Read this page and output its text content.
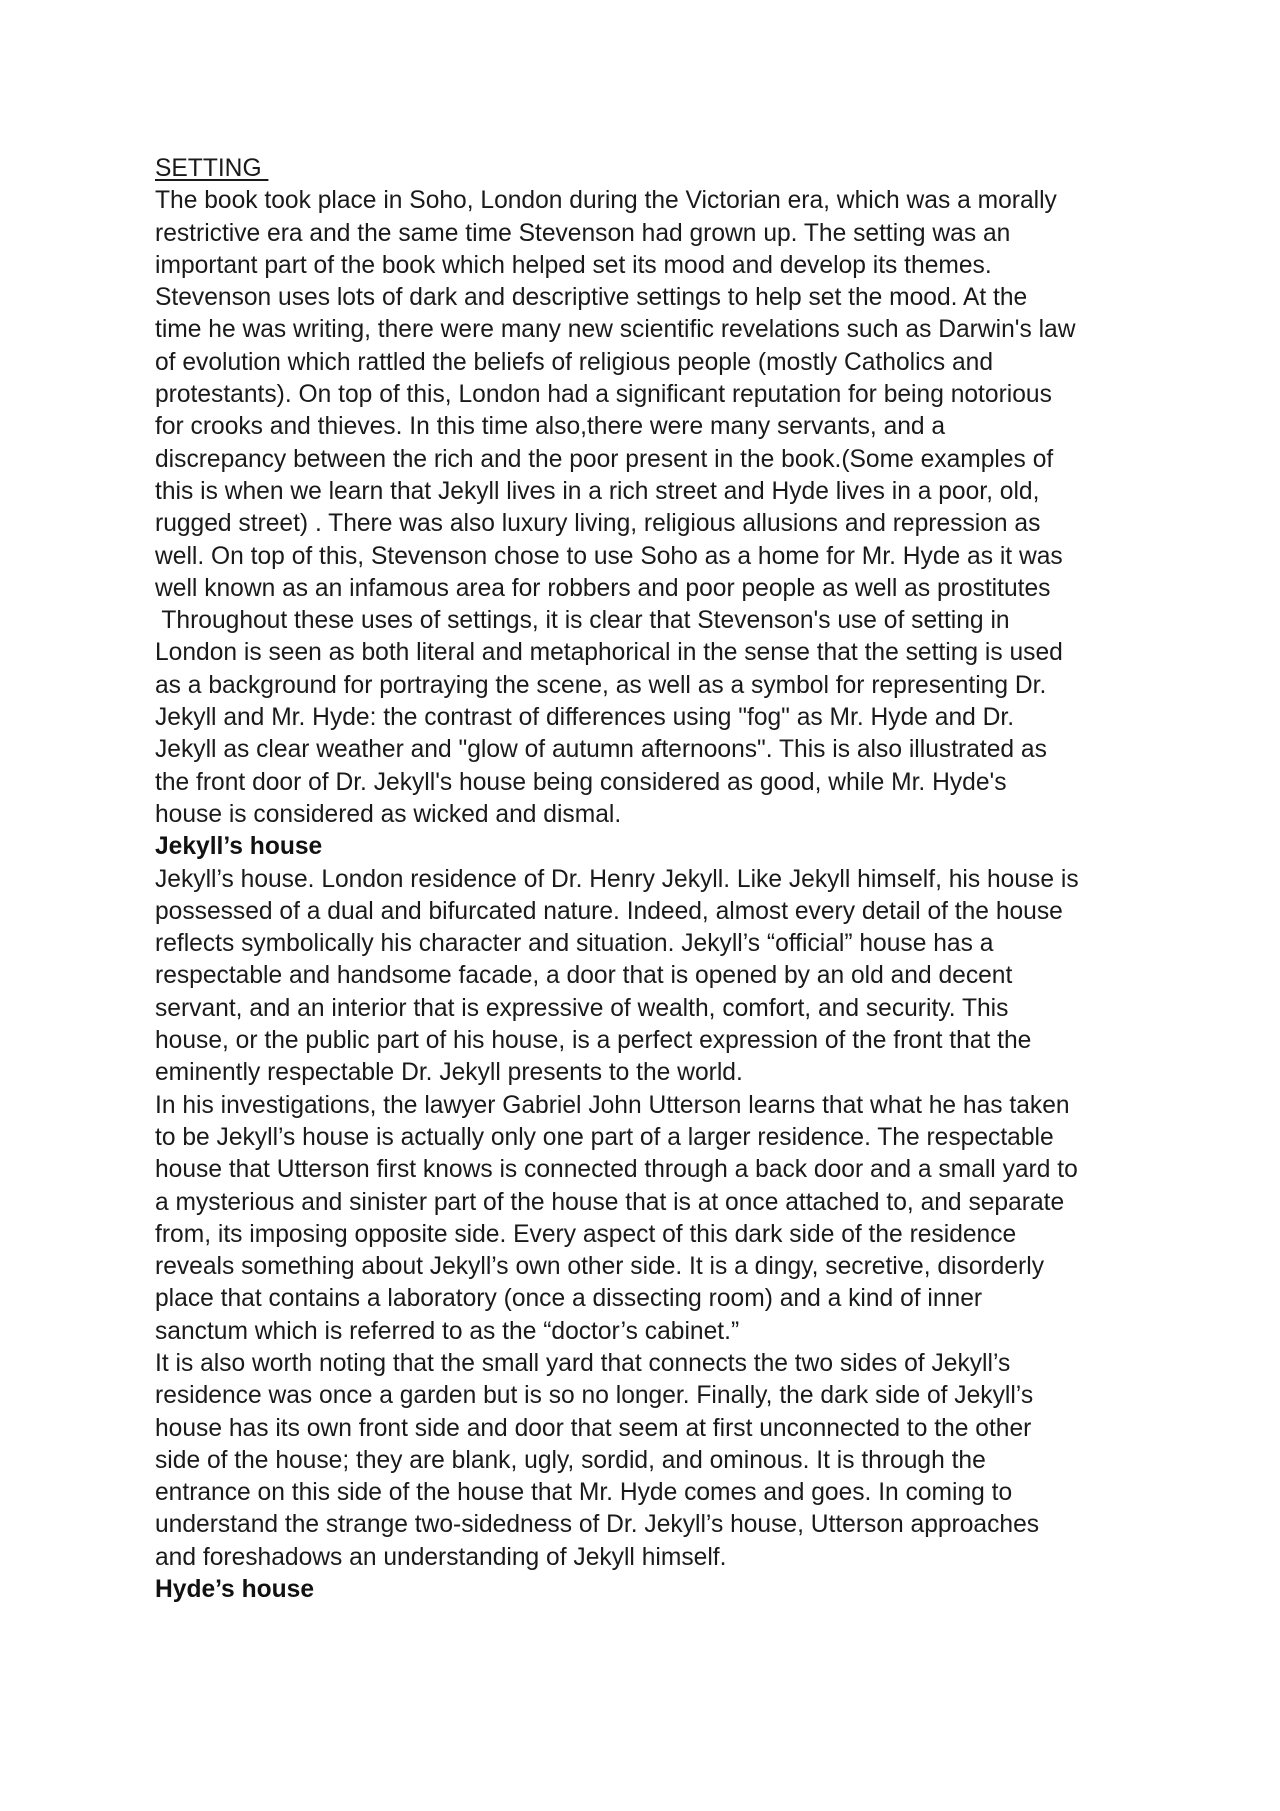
SETTING
The book took place in Soho, London during the Victorian era, which was a morally
restrictive era and the same time Stevenson had grown up. The setting was an
important part of the book which helped set its mood and develop its themes.
Stevenson uses lots of dark and descriptive settings to help set the mood. At the
time he was writing, there were many new scientific revelations such as Darwin's law
of evolution which rattled the beliefs of religious people (mostly Catholics and
protestants). On top of this, London had a significant reputation for being notorious
for crooks and thieves. In this time also,there were many servants, and a
discrepancy between the rich and the poor present in the book.(Some examples of
this is when we learn that Jekyll lives in a rich street and Hyde lives in a poor, old,
rugged street) . There was also luxury living, religious allusions and repression as
well. On top of this, Stevenson chose to use Soho as a home for Mr. Hyde as it was
well known as an infamous area for robbers and poor people as well as prostitutes
Throughout these uses of settings, it is clear that Stevenson's use of setting in
London is seen as both literal and metaphorical in the sense that the setting is used
as a background for portraying the scene, as well as a symbol for representing Dr.
Jekyll and Mr. Hyde: the contrast of differences using "fog" as Mr. Hyde and Dr.
Jekyll as clear weather and "glow of autumn afternoons". This is also illustrated as
the front door of Dr. Jekyll's house being considered as good, while Mr. Hyde's
house is considered as wicked and dismal.
Jekyll’s house
Jekyll’s house. London residence of Dr. Henry Jekyll. Like Jekyll himself, his house is
possessed of a dual and bifurcated nature. Indeed, almost every detail of the house
reflects symbolically his character and situation. Jekyll’s “official” house has a
respectable and handsome facade, a door that is opened by an old and decent
servant, and an interior that is expressive of wealth, comfort, and security. This
house, or the public part of his house, is a perfect expression of the front that the
eminently respectable Dr. Jekyll presents to the world.
In his investigations, the lawyer Gabriel John Utterson learns that what he has taken
to be Jekyll’s house is actually only one part of a larger residence. The respectable
house that Utterson first knows is connected through a back door and a small yard to
a mysterious and sinister part of the house that is at once attached to, and separate
from, its imposing opposite side. Every aspect of this dark side of the residence
reveals something about Jekyll’s own other side. It is a dingy, secretive, disorderly
place that contains a laboratory (once a dissecting room) and a kind of inner
sanctum which is referred to as the “doctor’s cabinet.”
It is also worth noting that the small yard that connects the two sides of Jekyll’s
residence was once a garden but is so no longer. Finally, the dark side of Jekyll’s
house has its own front side and door that seem at first unconnected to the other
side of the house; they are blank, ugly, sordid, and ominous. It is through the
entrance on this side of the house that Mr. Hyde comes and goes. In coming to
understand the strange two-sidedness of Dr. Jekyll’s house, Utterson approaches
and foreshadows an understanding of Jekyll himself.
Hyde’s house
